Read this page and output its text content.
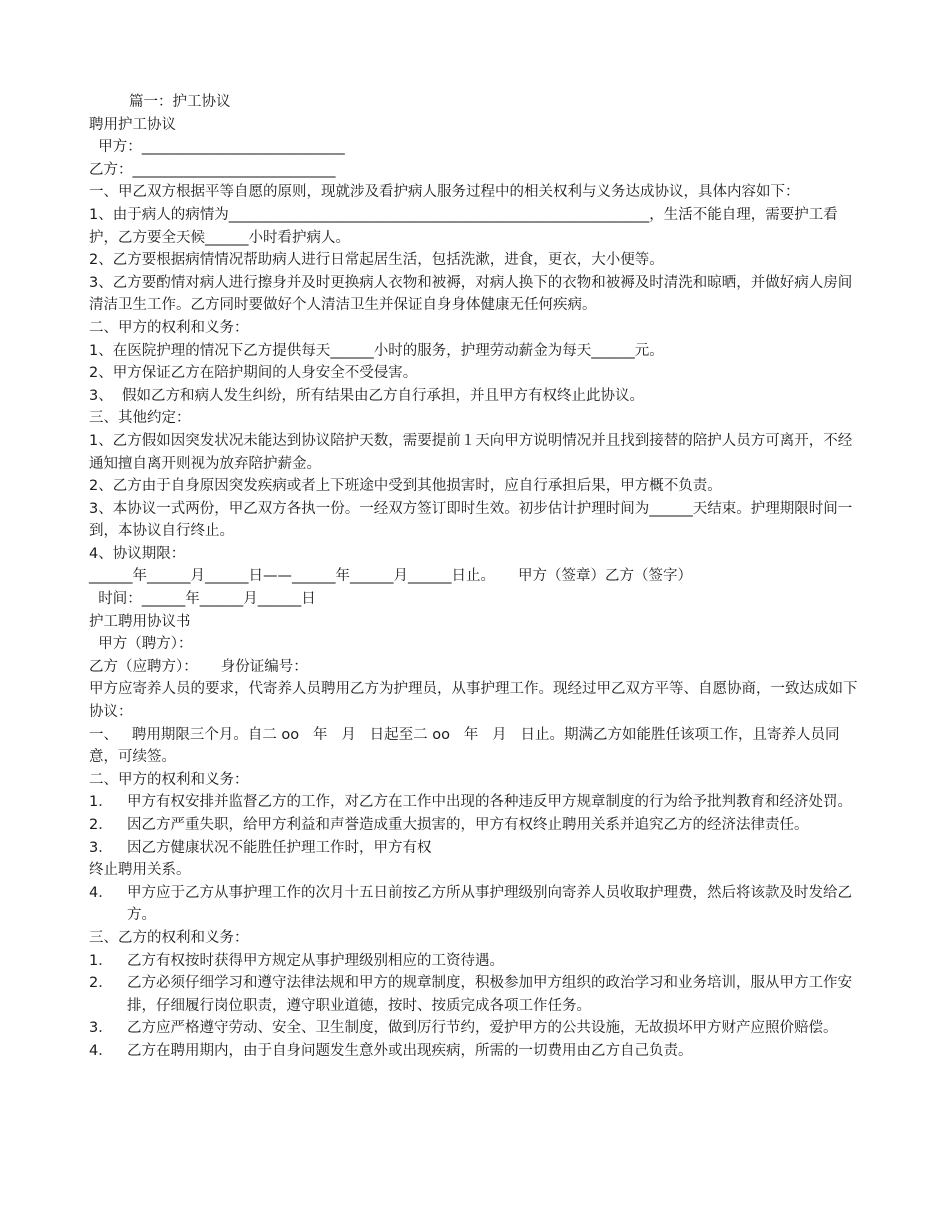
篇一：护工协议
聘用护工协议
甲方：____________________________
乙方：____________________________
一、甲乙双方根据平等自愿的原则，现就涉及看护病人服务过程中的相关权利与义务达成协议，具体内容如下：
1、由于病人的病情为__________________________________________________________，生活不能自理，需要护工看护，乙方要全天候______小时看护病人。
2、乙方要根据病情情况帮助病人进行日常起居生活，包括洗漱，进食，更衣，大小便等。
3、乙方要酌情对病人进行擦身并及时更换病人衣物和被褥，对病人换下的衣物和被褥及时清洗和晾晒，并做好病人房间清洁卫生工作。乙方同时要做好个人清洁卫生并保证自身身体健康无任何疾病。
二、甲方的权利和义务：
1、在医院护理的情况下乙方提供每天______小时的服务，护理劳动薪金为每天______元。
2、甲方保证乙方在陪护期间的人身安全不受侵害。
3、  假如乙方和病人发生纠纷，所有结果由乙方自行承担，并且甲方有权终止此协议。
三、其他约定：
1、乙方假如因突发状况未能达到协议陪护天数，需要提前１天向甲方说明情况并且找到接替的陪护人员方可离开，不经通知擅自离开则视为放弃陪护薪金。
2、乙方由于自身原因突发疾病或者上下班途中受到其他损害时，应自行承担后果，甲方概不负责。
3、本协议一式两份，甲乙双方各执一份。一经双方签订即时生效。初步估计护理时间为______天结束。护理期限时间一到，本协议自行终止。
4、协议期限：
______年______月______日——______年______月______日止。     甲方（签章）乙方（签字）
时间：______年______月______日
护工聘用协议书
甲方（聘方）：
乙方（应聘方）：     身份证编号：
甲方应寄养人员的要求，代寄养人员聘用乙方为护理员，从事护理工作。现经过甲乙双方平等、自愿协商，一致达成如下协议：
一、   聘用期限三个月。自二 oo   年   月   日起至二 oo   年   月   日止。期满乙方如能胜任该项工作，且寄养人员同意，可续签。
二、甲方的权利和义务：
1． 甲方有权安排并监督乙方的工作，对乙方在工作中出现的各种违反甲方规章制度的行为给予批判教育和经济处罚。
2． 因乙方严重失职，给甲方利益和声誉造成重大损害的，甲方有权终止聘用关系并追究乙方的经济法律责任。
3． 因乙方健康状况不能胜任护理工作时，甲方有权
终止聘用关系。
4． 甲方应于乙方从事护理工作的次月十五日前按乙方所从事护理级别向寄养人员收取护理费，然后将该款及时发给乙方。
三、乙方的权利和义务：
1． 乙方有权按时获得甲方规定从事护理级别相应的工资待遇。
2． 乙方必须仔细学习和遵守法律法规和甲方的规章制度，积极参加甲方组织的政治学习和业务培训，服从甲方工作安排，仔细履行岗位职责，遵守职业道德，按时、按质完成各项工作任务。
3． 乙方应严格遵守劳动、安全、卫生制度，做到厉行节约，爱护甲方的公共设施，无故损坏甲方财产应照价赔偿。
4． 乙方在聘用期内，由于自身问题发生意外或出现疾病，所需的一切费用由乙方自己负责。
